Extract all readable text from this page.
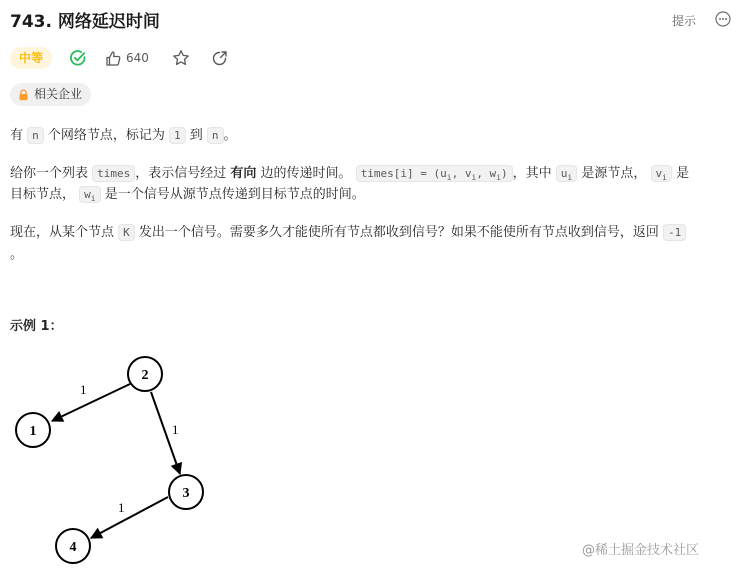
743. 网络延迟时间	提示
中等	640
相关企业
有 n 个网络节点，标记为 1 到 n 。
给你一个列表 times ，表示信号经过 有向 边的传递时间。 times[i] = ($u_i$, $v_i$, $w_i$) ，其中 $u_i$ 是源节点， $v_i$ 是
目标节点， $w_i$ 是一个信号从源节点传递到目标节点的时间。
现在，从某个节点 K 发出一个信号。需要多久才能使所有节点都收到信号？如果不能使所有节点收到信号，返回 -1
。
示例 1：
1
1
1
2
1
3
4	@稀土掘金技术社区
